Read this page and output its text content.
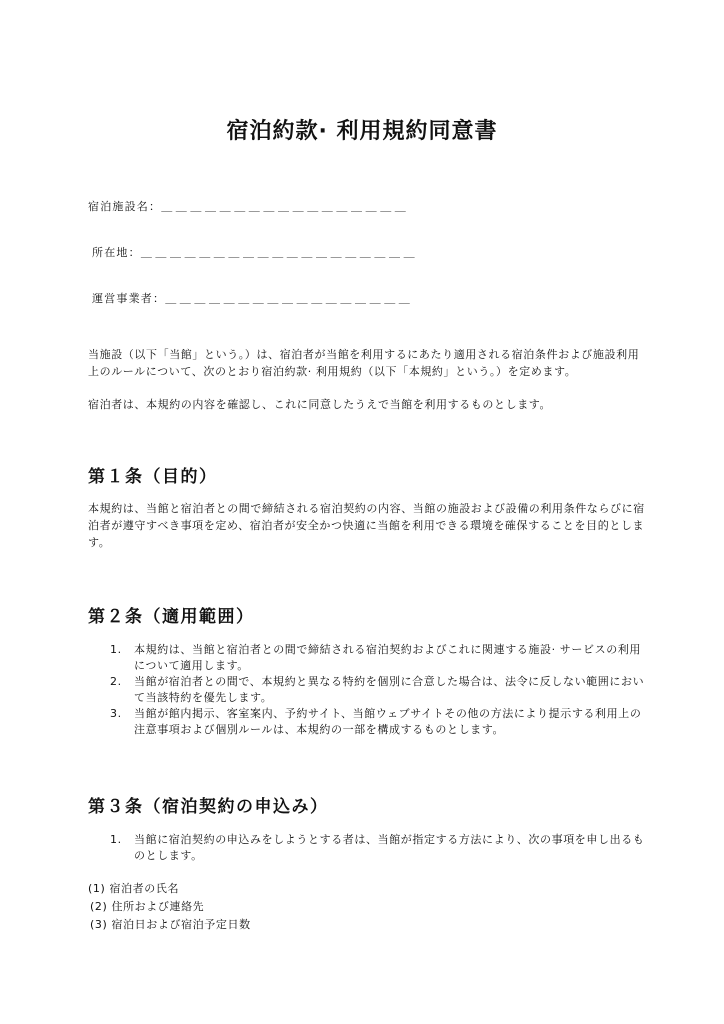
宿泊約款· 利用規約同意書
宿泊施設名：＿＿＿＿＿＿＿＿＿＿＿＿＿＿＿＿＿
所在地：＿＿＿＿＿＿＿＿＿＿＿＿＿＿＿＿＿＿＿
運営事業者：＿＿＿＿＿＿＿＿＿＿＿＿＿＿＿＿＿

当施設（以下「当館」という。）は、宿泊者が当館を利用するにあたり適用される宿泊条件および施設利用上のルールについて、次のとおり宿泊約款· 利用規約（以下「本規約」という。）を定めます。

宿泊者は、本規約の内容を確認し、これに同意したうえで当館を利用するものとします。

第１条（目的）

本規約は、当館と宿泊者との間で締結される宿泊契約の内容、当館の施設および設備の利用条件ならびに宿泊者が遵守すべき事項を定め、宿泊者が安全かつ快適に当館を利用できる環境を確保することを目的とします。

第２条（適用範囲）
1. 本規約は、当館と宿泊者との間で締結される宿泊契約およびこれに関連する施設· サービスの利用について適用します。
2. 当館が宿泊者との間で、本規約と異なる特約を個別に合意した場合は、法令に反しない範囲において当該特約を優先します。
3. 当館が館内掲示、客室案内、予約サイト、当館ウェブサイトその他の方法により提示する利用上の注意事項および個別ルールは、本規約の一部を構成するものとします。
第３条（宿泊契約の申込み）
1. 当館に宿泊契約の申込みをしようとする者は、当館が指定する方法により、次の事項を申し出るものとします。
(1) 宿泊者の氏名
(2) 住所および連絡先
(3) 宿泊日および宿泊予定日数
